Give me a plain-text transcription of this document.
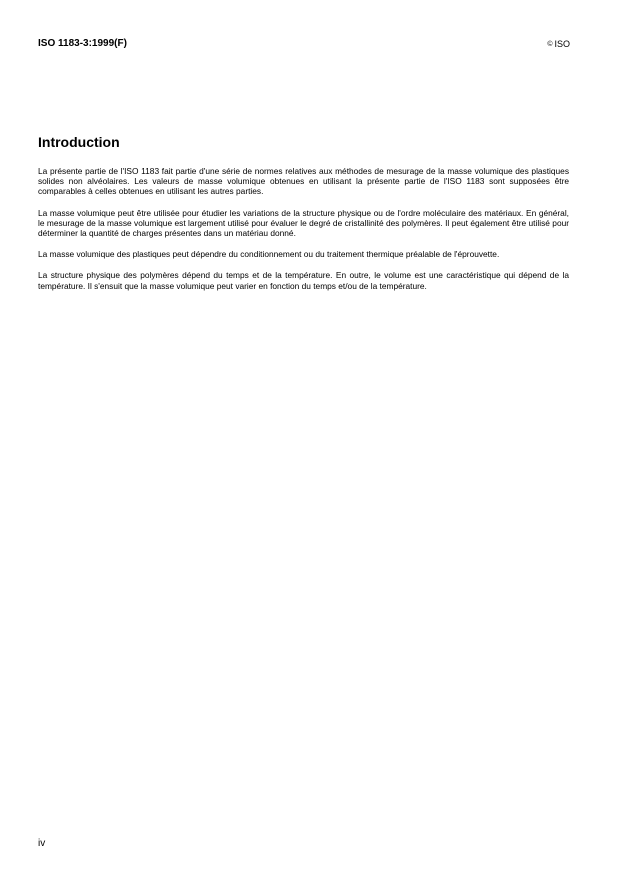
ISO 1183-3:1999(F)	© ISO
Introduction

La présente partie de l'ISO 1183 fait partie d'une série de normes relatives aux méthodes de mesurage de la masse volumique des plastiques solides non alvéolaires. Les valeurs de masse volumique obtenues en utilisant la présente partie de l'ISO 1183 sont supposées être comparables à celles obtenues en utilisant les autres parties.

La masse volumique peut être utilisée pour étudier les variations de la structure physique ou de l'ordre moléculaire des matériaux. En général, le mesurage de la masse volumique est largement utilisé pour évaluer le degré de cristallinité des polymères. Il peut également être utilisé pour déterminer la quantité de charges présentes dans un matériau donné.

La masse volumique des plastiques peut dépendre du conditionnement ou du traitement thermique préalable de l'éprouvette.

La structure physique des polymères dépend du temps et de la température. En outre, le volume est une caractéristique qui dépend de la température. Il s'ensuit que la masse volumique peut varier en fonction du temps et/ou de la température.

iv
